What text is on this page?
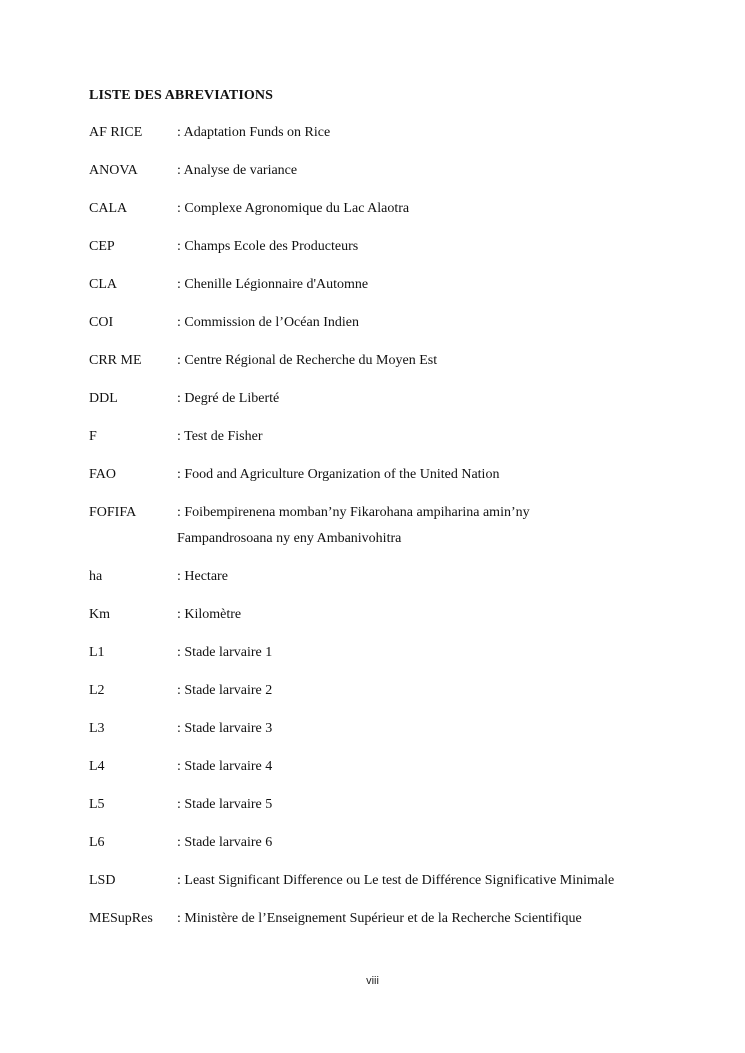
LISTE DES ABREVIATIONS
AF RICE	: Adaptation Funds on Rice
ANOVA	: Analyse de variance
CALA	: Complexe Agronomique du Lac Alaotra
CEP	: Champs Ecole des Producteurs
CLA	: Chenille Légionnaire d'Automne
COI	: Commission de l’Océan Indien
CRR ME	: Centre Régional de Recherche du Moyen Est
DDL	: Degré de Liberté
F	: Test de Fisher
FAO	: Food and Agriculture Organization of the United Nation
FOFIFA	: Foibempirenena momban’ny Fikarohana ampiharina amin’ny Fampandrosoana ny eny Ambanivohitra
ha	: Hectare
Km	: Kilomètre
L1	: Stade larvaire 1
L2	: Stade larvaire 2
L3	: Stade larvaire 3
L4	: Stade larvaire 4
L5	: Stade larvaire 5
L6	: Stade larvaire 6
LSD	: Least Significant Difference ou Le test de Différence Significative Minimale
MESupRes	: Ministère de l’Enseignement Supérieur et de la Recherche Scientifique
viii
